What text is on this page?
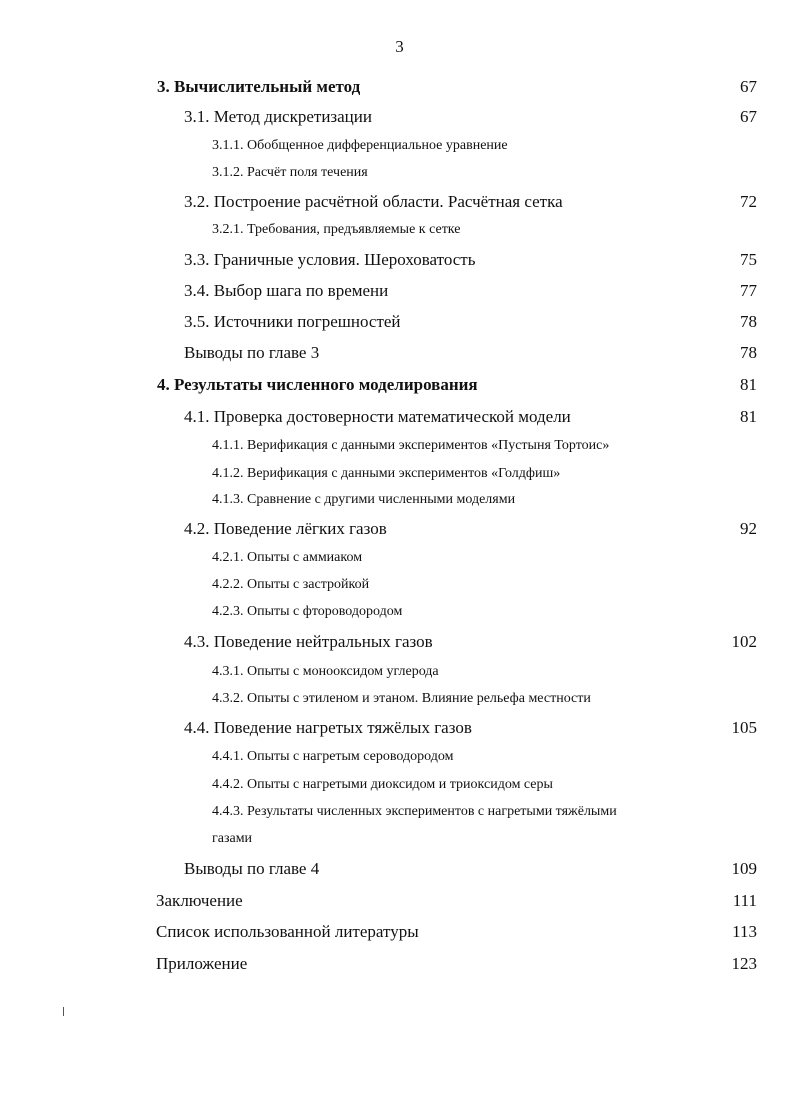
3
3. Вычислительный метод	67
3.1. Метод дискретизации	67
3.1.1. Обобщенное дифференциальное уравнение
3.1.2. Расчёт поля течения
3.2. Построение расчётной области. Расчётная сетка	72
3.2.1. Требования, предъявляемые к сетке
3.3. Граничные условия. Шероховатость	75
3.4. Выбор шага по времени	77
3.5. Источники погрешностей	78
Выводы по главе 3	78
4. Результаты численного моделирования	81
4.1. Проверка достоверности математической модели	81
4.1.1. Верификация с данными экспериментов «Пустыня Тортоис»
4.1.2. Верификация с данными экспериментов «Голдфиш»
4.1.3. Сравнение с другими численными моделями
4.2. Поведение лёгких газов	92
4.2.1. Опыты с аммиаком
4.2.2. Опыты с застройкой
4.2.3. Опыты с фтороводородом
4.3. Поведение нейтральных газов	102
4.3.1. Опыты с монооксидом углерода
4.3.2. Опыты с этиленом и этаном. Влияние рельефа местности
4.4. Поведение нагретых тяжёлых газов	105
4.4.1. Опыты с нагретым сероводородом
4.4.2. Опыты с нагретыми диоксидом и триоксидом серы
4.4.3. Результаты численных экспериментов с нагретыми тяжёлыми
газами
Выводы по главе 4	109
Заключение	111
Список использованной литературы	113
Приложение	123
